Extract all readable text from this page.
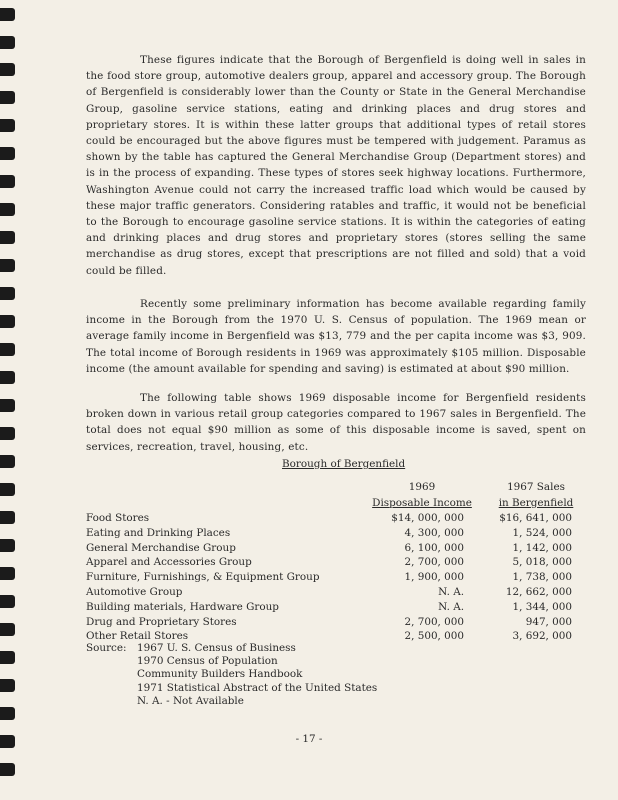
These figures indicate that the Borough of Bergenfield is doing well in sales in the food store group, automotive dealers group, apparel and accessory group. The Borough of Bergenfield is considerably lower than the County or State in the General Merchandise Group, gasoline service stations, eating and drinking places and drug stores and proprietary stores. It is within these latter groups that additional types of retail stores could be encouraged but the above figures must be tempered with judgement. Paramus as shown by the table has captured the General Merchandise Group (Department stores) and is in the process of expanding. These types of stores seek highway locations. Furthermore, Washington Avenue could not carry the increased traffic load which would be caused by these major traffic generators. Considering ratables and traffic, it would not be beneficial to the Borough to encourage gasoline service stations. It is within the categories of eating and drinking places and drug stores and proprietary stores (stores selling the same merchandise as drug stores, except that prescriptions are not filled and sold) that a void could be filled.

Recently some preliminary information has become available regarding family income in the Borough from the 1970 U. S. Census of population. The 1969 mean or average family income in Bergenfield was $13, 779 and the per capita income was $3, 909. The total income of Borough residents in 1969 was approximately $105 million. Disposable income (the amount available for spending and saving) is estimated at about $90 million.

The following table shows 1969 disposable income for Bergenfield residents broken down in various retail group categories compared to 1967 sales in Bergenfield. The total does not equal $90 million as some of this disposable income is saved, spent on services, recreation, travel, housing, etc.

Borough of Bergenfield
1969
Disposable Income
1967 Sales
in Bergenfield
Food Stores	$14, 000, 000	$16, 641, 000
Eating and Drinking Places	4, 300, 000	1, 524, 000
General Merchandise Group	6, 100, 000	1, 142, 000
Apparel and Accessories Group	2, 700, 000	5, 018, 000
Furniture, Furnishings, & Equipment Group	1, 900, 000	1, 738, 000
Automotive Group	N. A.	12, 662, 000
Building materials, Hardware Group	N. A.	1, 344, 000
Drug and Proprietary Stores	2, 700, 000	947, 000
Other Retail Stores	2, 500, 000	3, 692, 000
Source: 1967 U. S. Census of Business
1970 Census of Population
Community Builders Handbook
1971 Statistical Abstract of the United States
N. A. - Not Available
- 17 -
